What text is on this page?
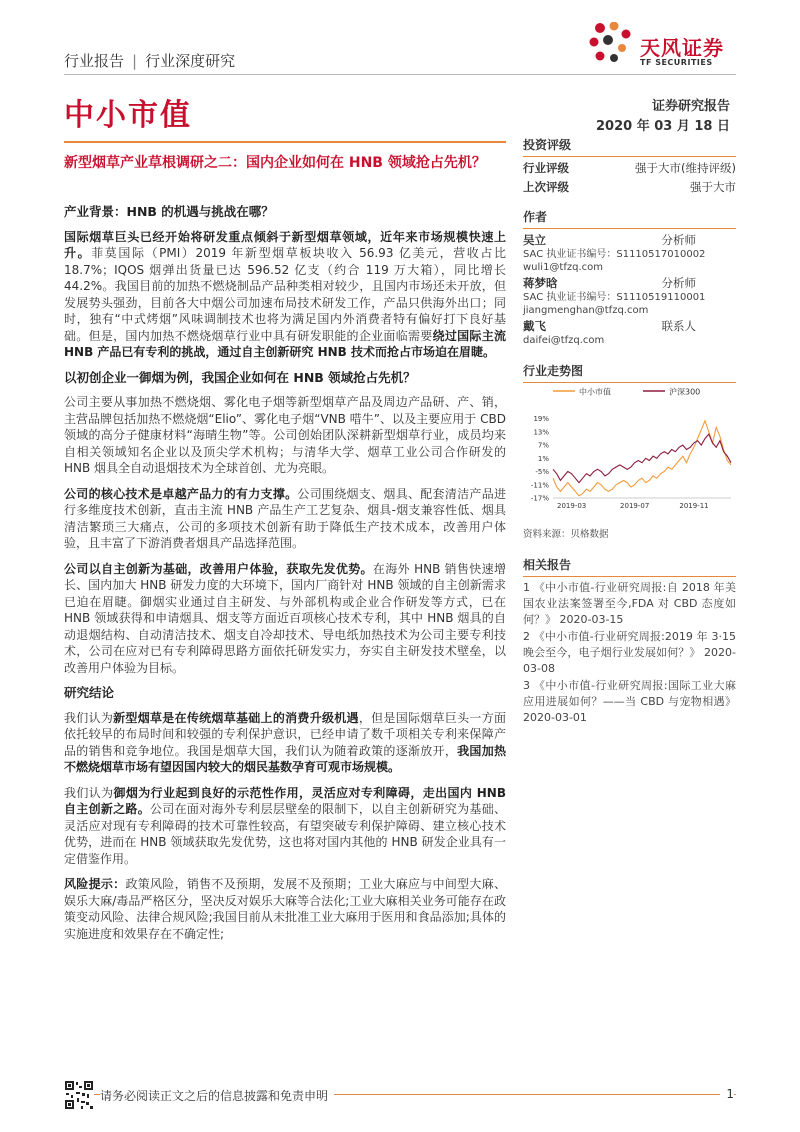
行业报告 | 行业深度研究
天风证券
TF SECURITIES
中小市值	证券研究报告
2020 年 03 月 18 日
新型烟草产业草根调研之二：国内企业如何在 HNB 领域抢占先机？
产业背景：HNB 的机遇与挑战在哪？

国际烟草巨头已经开始将研发重点倾斜于新型烟草领域，近年来市场规模快速上升。菲莫国际（PMI）2019 年新型烟草板块收入 56.93 亿美元，营收占比 18.7%；IQOS 烟弹出货量已达 596.52 亿支（约合 119 万大箱），同比增长 44.2%。我国目前的加热不燃烧制品产品种类相对较少，且国内市场还未开放，但发展势头强劲，目前各大中烟公司加速布局技术研发工作，产品只供海外出口；同时，独有“中式烤烟”风味调制技术也将为满足国内外消费者特有偏好打下良好基础。但是，国内加热不燃烧烟草行业中具有研发职能的企业面临需要绕过国际主流 HNB 产品已有专利的挑战，通过自主创新研究 HNB 技术而抢占市场迫在眉睫。

以初创企业一御烟为例，我国企业如何在 HNB 领域抢占先机？

公司主要从事加热不燃烧烟、雾化电子烟等新型烟草产品及周边产品研、产、销，主营品牌包括加热不燃烧烟“Elio”、雾化电子烟“VNB 唶牛”、以及主要应用于 CBD 领域的高分子健康材料“海晴生物”等。公司创始团队深耕新型烟草行业，成员均来自相关领域知名企业以及顶尖学术机构；与清华大学、烟草工业公司合作研发的 HNB 烟具全自动退烟技术为全球首创、尤为亮眼。

公司的核心技术是卓越产品力的有力支撑。公司围绕烟支、烟具、配套清洁产品进行多维度技术创新，直击主流 HNB 产品生产工艺复杂、烟具-烟支兼容性低、烟具清洁繁琐三大痛点，公司的多项技术创新有助于降低生产技术成本，改善用户体验，且丰富了下游消费者烟具产品选择范围。

公司以自主创新为基础，改善用户体验，获取先发优势。在海外 HNB 销售快速增长、国内加大 HNB 研发力度的大环境下，国内厂商针对 HNB 领域的自主创新需求已迫在眉睫。御烟实业通过自主研发、与外部机构或企业合作研发等方式，已在 HNB 领域获得和申请烟具、烟支等方面近百项核心技术专利，其中 HNB 烟具的自动退烟结构、自动清洁技术、烟支自冷却技术、导电纸加热技术为公司主要专利技术，公司在应对已有专利障碍思路方面依托研发实力，夯实自主研发技术壁垒，以改善用户体验为目标。

研究结论

我们认为新型烟草是在传统烟草基础上的消费升级机遇，但是国际烟草巨头一方面依托较早的布局时间和较强的专利保护意识，已经申请了数千项相关专利来保障产品的销售和竞争地位。我国是烟草大国，我们认为随着政策的逐渐放开，我国加热不燃烧烟草市场有望因国内较大的烟民基数孕育可观市场规模。

我们认为御烟为行业起到良好的示范性作用，灵活应对专利障碍，走出国内 HNB 自主创新之路。公司在面对海外专利层层壁垒的限制下，以自主创新研究为基础、灵活应对现有专利障碍的技术可靠性较高，有望突破专利保护障碍、建立核心技术优势，进而在 HNB 领域获取先发优势，这也将对国内其他的 HNB 研发企业具有一定借鉴作用。

风险提示：政策风险，销售不及预期，发展不及预期；工业大麻应与中间型大麻、娱乐大麻/毒品严格区分，坚决反对娱乐大麻等合法化;工业大麻相关业务可能存在政策变动风险、法律合规风险;我国目前从未批准工业大麻用于医用和食品添加;具体的实施进度和效果存在不确定性;

投资评级
行业评级	强于大市(维持评级)
上次评级	强于大市
作者
吴立	分析师
SAC 执业证书编号：S1110517010002
wuli1@tfzq.com
蒋梦晗	分析师
SAC 执业证书编号：S1110519110001
jiangmenghan@tfzq.com
戴飞	联系人
daifei@tfzq.com
行业走势图
中小市值	沪深300
19%
13%
7%
1%
-5%
-11%
-17%
2019-03	2019-07	2019-11
资料来源：贝格数据
相关报告
1 《中小市值-行业研究周报:自 2018 年美国农业法案签署至今,FDA 对 CBD 态度如何？》 2020-03-15
2 《中小市值-行业研究周报:2019 年 3·15 晚会至今，电子烟行业发展如何？》 2020-03-08
3 《中小市值-行业研究周报:国际工业大麻应用进展如何？——当 CBD 与宠物相遇》 2020-03-01
请务必阅读正文之后的信息披露和免责申明	1
